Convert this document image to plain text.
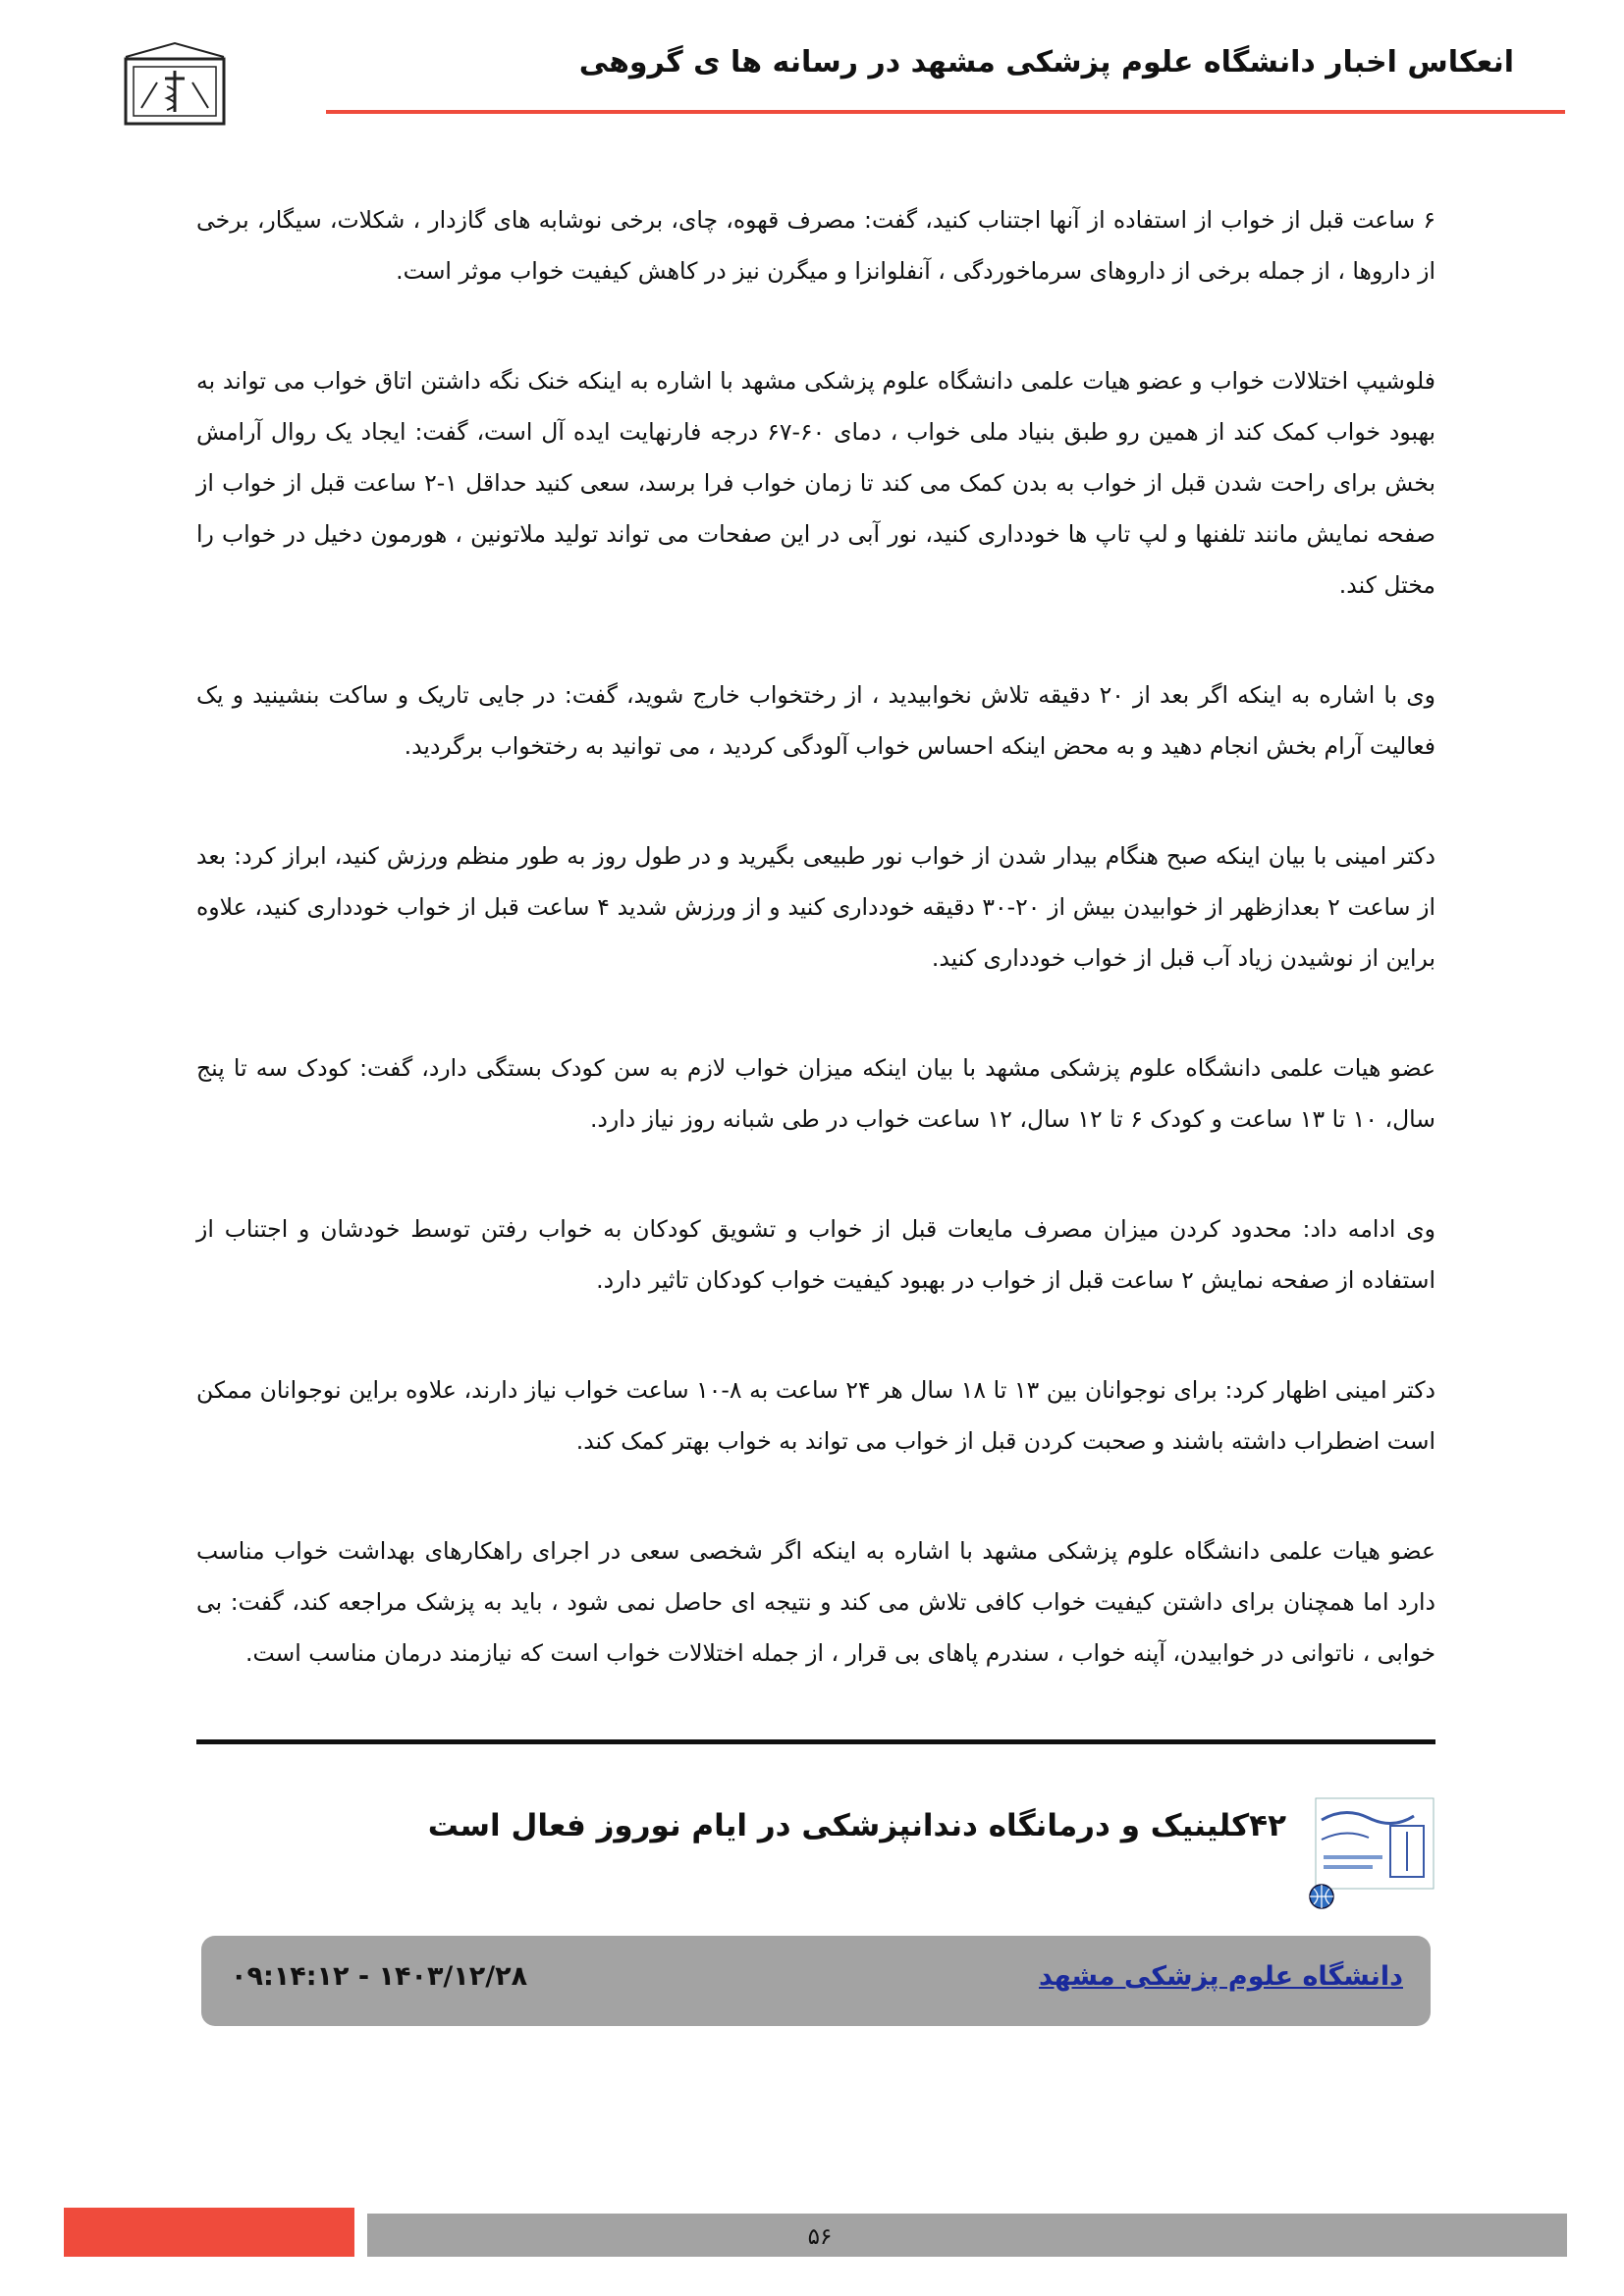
انعکاس اخبار دانشگاه علوم پزشکی مشهد در رسانه ها ی گروهی

۶ ساعت قبل از خواب از استفاده از آنها اجتناب کنید، گفت: مصرف قهوه، چای، برخی نوشابه های گازدار ، شکلات، سیگار، برخی از داروها ، از جمله برخی از داروهای سرماخوردگی ، آنفلوانزا و میگرن نیز در کاهش کیفیت خواب موثر است.

فلوشیپ اختلالات خواب و عضو هیات علمی دانشگاه علوم پزشکی مشهد با اشاره به اینکه خنک نگه داشتن اتاق خواب می تواند به بهبود خواب کمک کند از همین رو طبق بنیاد ملی خواب ، دمای ۶۰-۶۷ درجه فارنهایت ایده آل است، گفت: ایجاد یک روال آرامش بخش برای راحت شدن قبل از خواب به بدن کمک می کند تا زمان خواب فرا برسد، سعی کنید حداقل ۱-۲ ساعت قبل از خواب از صفحه نمایش مانند تلفنها و لپ تاپ ها خودداری کنید، نور آبی در این صفحات می تواند تولید ملاتونین ، هورمون دخیل در خواب را مختل کند.

وی با اشاره به اینکه اگر بعد از ۲۰ دقیقه تلاش نخوابیدید ، از رختخواب خارج شوید، گفت: در جایی تاریک و ساکت بنشینید و یک فعالیت آرام بخش انجام دهید و به محض اینکه احساس خواب آلودگی کردید ، می توانید به رختخواب برگردید.

دکتر امینی با بیان اینکه صبح هنگام بیدار شدن از خواب نور طبیعی بگیرید و در طول روز به طور منظم ورزش کنید، ابراز کرد: بعد از ساعت ۲ بعدازظهر از خوابیدن بیش از ۲۰-۳۰ دقیقه خودداری کنید و از ورزش شدید ۴ ساعت قبل از خواب خودداری کنید، علاوه براین از نوشیدن زیاد آب قبل از خواب خودداری کنید.

عضو هیات علمی دانشگاه علوم پزشکی مشهد با بیان اینکه میزان خواب لازم به سن کودک بستگی دارد، گفت: کودک سه تا پنج سال، ۱۰ تا ۱۳ ساعت و کودک ۶ تا ۱۲ سال، ۱۲ ساعت خواب در طی شبانه روز نیاز دارد.

وی ادامه داد: محدود کردن میزان مصرف مایعات قبل از خواب و تشویق کودکان به خواب رفتن توسط خودشان و اجتناب از استفاده از صفحه نمایش ۲ ساعت قبل از خواب در بهبود کیفیت خواب کودکان تاثیر دارد.

دکتر امینی اظهار کرد: برای نوجوانان بین ۱۳ تا ۱۸ سال هر ۲۴ ساعت به ۸-۱۰ ساعت خواب نیاز دارند، علاوه براین نوجوانان ممکن است اضطراب داشته باشند و صحبت کردن قبل از خواب می تواند به خواب بهتر کمک کند.

عضو هیات علمی دانشگاه علوم پزشکی مشهد با اشاره به اینکه اگر شخصی سعی در اجرای راهکارهای بهداشت خواب مناسب دارد اما همچنان برای داشتن کیفیت خواب کافی تلاش می کند و نتیجه ای حاصل نمی شود ، باید به پزشک مراجعه کند، گفت: بی خوابی ، ناتوانی در خوابیدن، آپنه خواب ، سندرم پاهای بی قرار ، از جمله اختلالات خواب است که نیازمند درمان مناسب است.

۴۲کلینیک و درمانگاه دندانپزشکی در ایام نوروز فعال است
دانشگاه علوم پزشکی مشهد
۱۴۰۳/۱۲/۲۸ - ۰۹:۱۴:۱۲
۵۶
